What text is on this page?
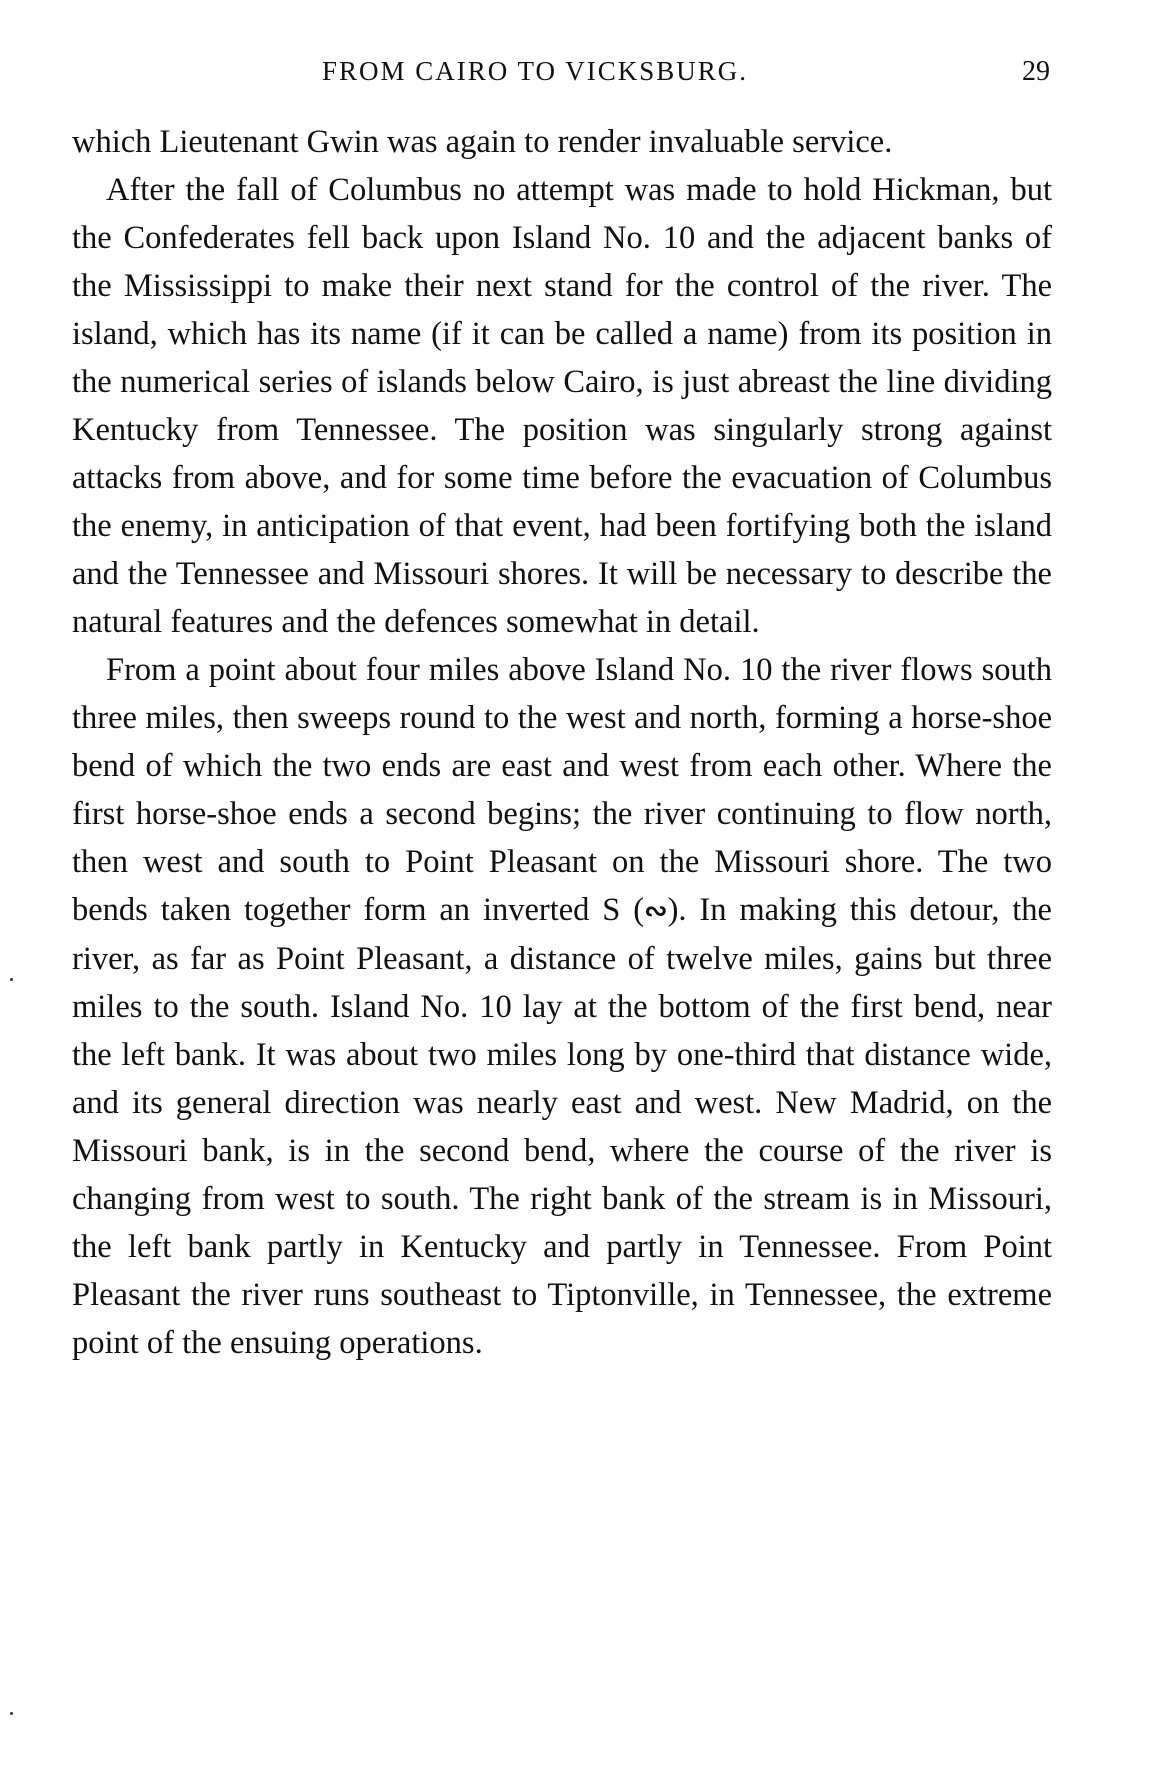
FROM CAIRO TO VICKSBURG.	29

which Lieutenant Gwin was again to render invaluable service.

After the fall of Columbus no attempt was made to hold Hickman, but the Confederates fell back upon Island No. 10 and the adjacent banks of the Mississippi to make their next stand for the control of the river. The island, which has its name (if it can be called a name) from its position in the numerical series of islands below Cairo, is just abreast the line dividing Kentucky from Tennessee. The position was singularly strong against attacks from above, and for some time before the evacuation of Columbus the enemy, in anticipation of that event, had been fortifying both the island and the Tennessee and Missouri shores. It will be necessary to describe the natural features and the defences somewhat in detail.

From a point about four miles above Island No. 10 the river flows south three miles, then sweeps round to the west and north, forming a horse-shoe bend of which the two ends are east and west from each other. Where the first horse-shoe ends a second begins; the river continuing to flow north, then west and south to Point Pleasant on the Missouri shore. The two bends taken together form an inverted S (∾). In making this detour, the river, as far as Point Pleasant, a distance of twelve miles, gains but three miles to the south. Island No. 10 lay at the bottom of the first bend, near the left bank. It was about two miles long by one-third that distance wide, and its general direction was nearly east and west. New Madrid, on the Missouri bank, is in the second bend, where the course of the river is changing from west to south. The right bank of the stream is in Missouri, the left bank partly in Kentucky and partly in Tennessee. From Point Pleasant the river runs southeast to Tiptonville, in Tennessee, the extreme point of the ensuing operations.
